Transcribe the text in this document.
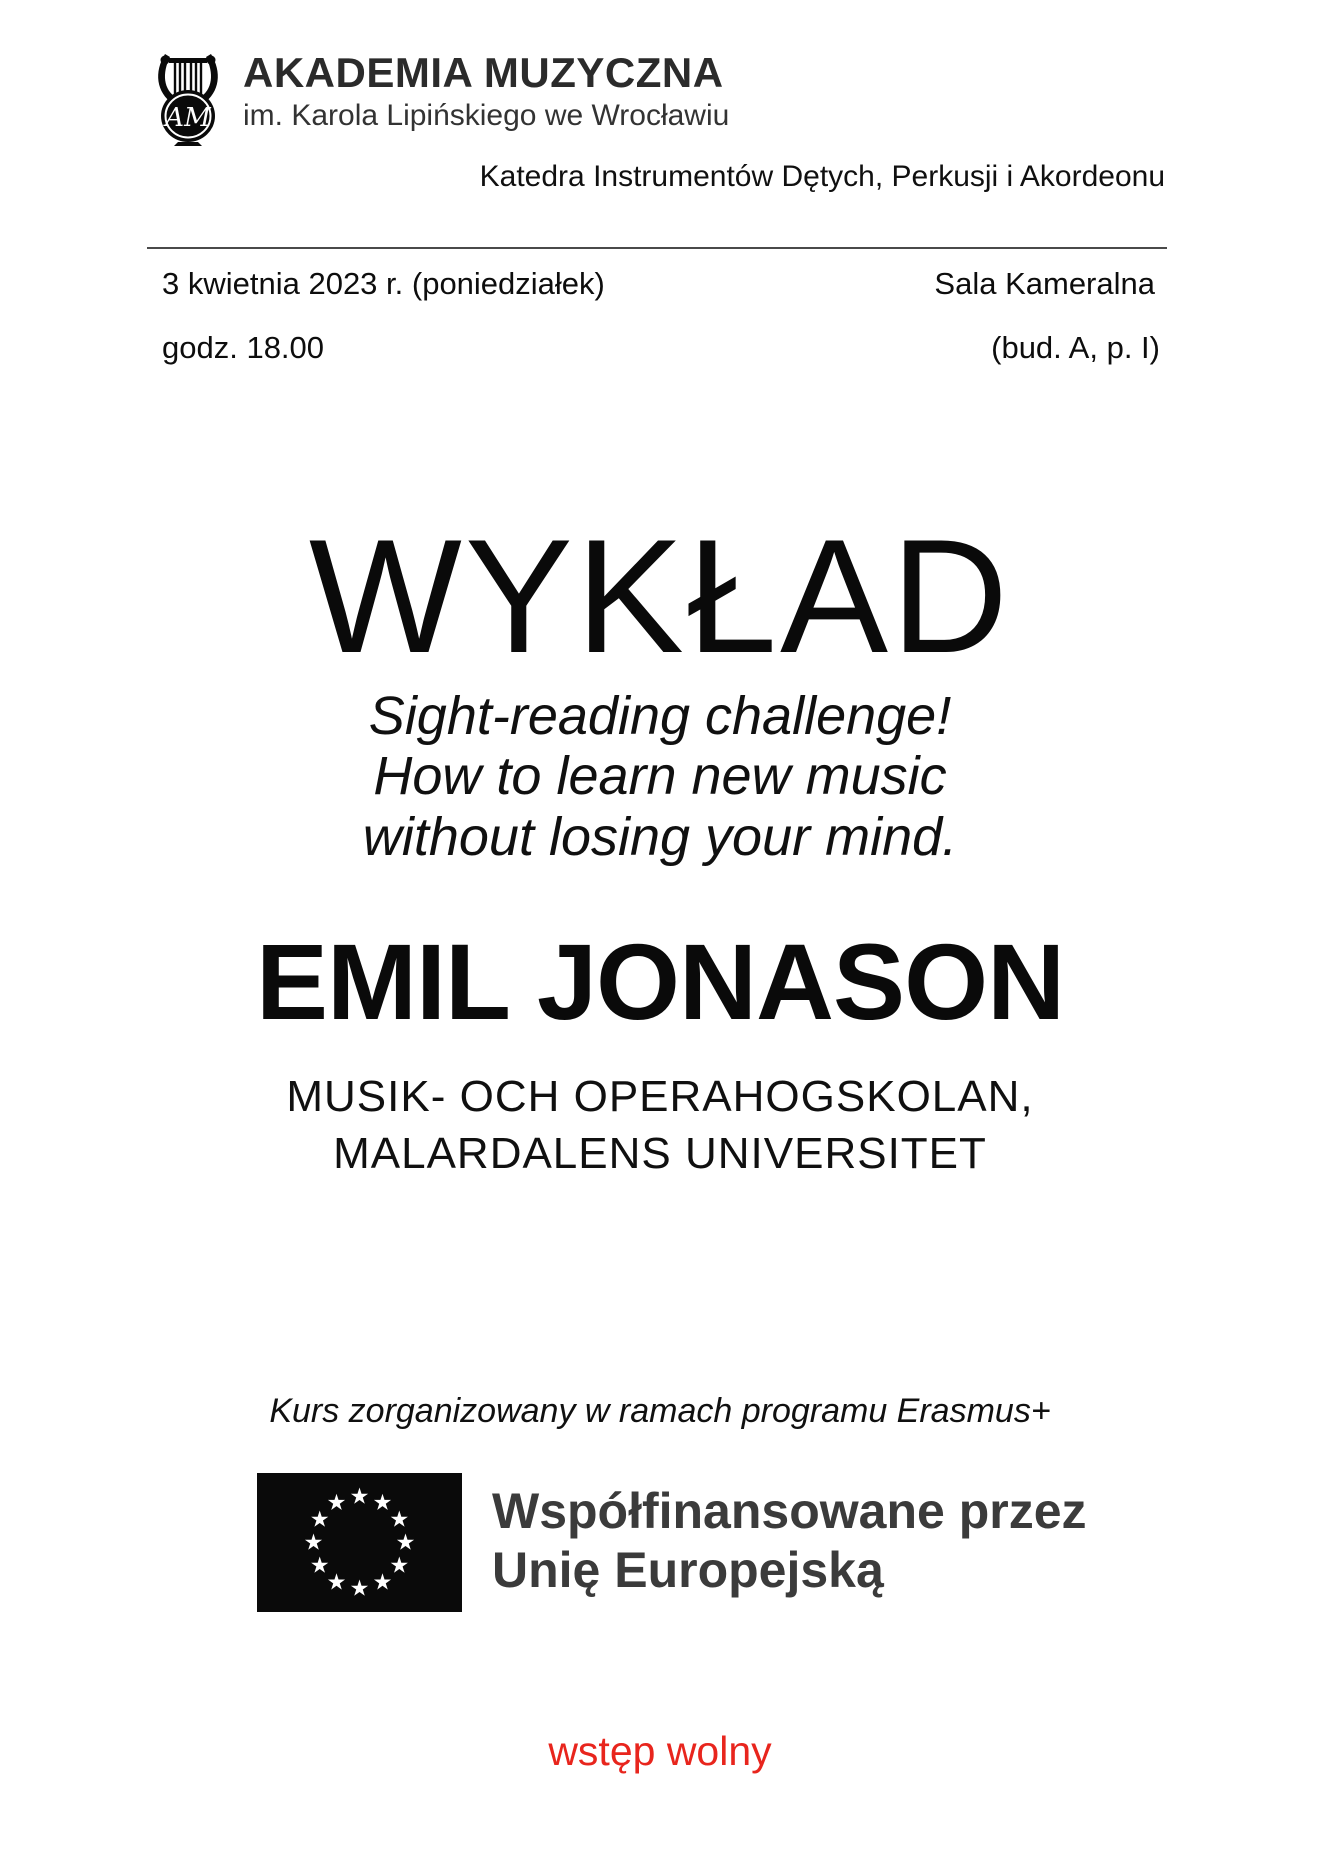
AM
AKADEMIA MUZYCZNA
im. Karola Lipińskiego we Wrocławiu
Katedra Instrumentów Dętych, Perkusji i Akordeonu
3 kwietnia 2023 r. (poniedziałek)	Sala Kameralna
godz. 18.00	(bud. A, p. I)
WYKŁAD
Sight-reading challenge!
How to learn new music
without losing your mind.
EMIL JONASON
MUSIK- OCH OPERAHOGSKOLAN,
MALARDALENS UNIVERSITET
Kurs zorganizowany w ramach programu Erasmus+
Współfinansowane przez
Unię Europejską
wstęp wolny
